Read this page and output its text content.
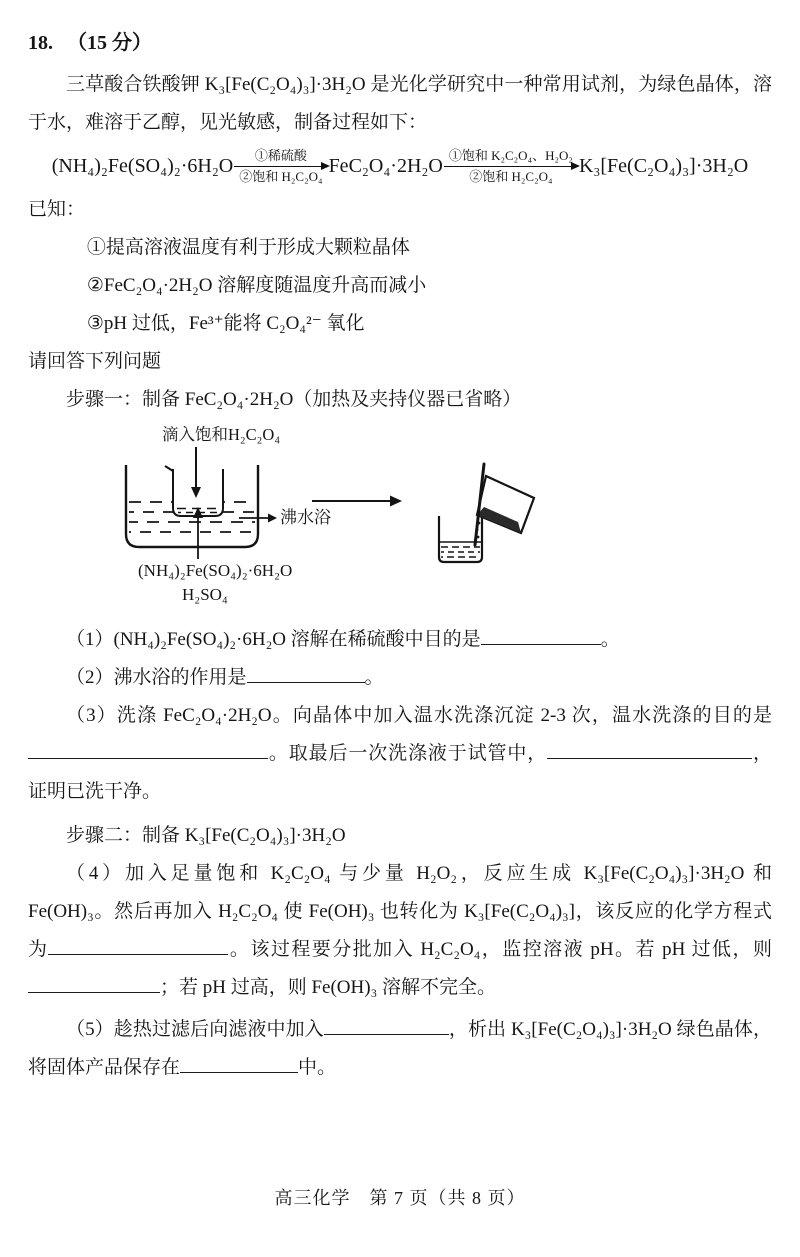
18. （15 分）

三草酸合铁酸钾 K₃[Fe(C₂O₄)₃]·3H₂O 是光化学研究中一种常用试剂，为绿色晶体，溶于水，难溶于乙醇，见光敏感，制备过程如下：

(NH₄)₂Fe(SO₄)₂·6H₂O	①稀硫酸
②饱和 H₂C₂O₄ FeC₂O₄·2H₂O ①饱和 K₂C₂O₄、H₂O₂
②饱和 H₂C₂O₄ K₃[Fe(C₂O₄)₃]·3H₂O

已知：

①提高溶液温度有利于形成大颗粒晶体

②FeC₂O₄·2H₂O 溶解度随温度升高而减小

③pH 过低，Fe³⁺能将 C₂O₄²⁻ 氧化

请回答下列问题

步骤一：制备 FeC₂O₄·2H₂O（加热及夹持仪器已省略）

滴入饱和H₂C₂O₄
沸水浴
(NH₄)₂Fe(SO₄)₂·6H₂O
H₂SO₄

（1）(NH₄)₂Fe(SO₄)₂·6H₂O 溶解在稀硫酸中目的是	。

（2）沸水浴的作用是	。

（3）洗涤 FeC₂O₄·2H₂O。向晶体中加入温水洗涤沉淀 2-3 次，温水洗涤的目的是。取最后一次洗涤液于试管中，	，证明已洗干净。

步骤二：制备 K₃[Fe(C₂O₄)₃]·3H₂O

（4）加入足量饱和 K₂C₂O₄ 与少量 H₂O₂，反应生成 K₃[Fe(C₂O₄)₃]·3H₂O 和 Fe(OH)₃。然后再加入 H₂C₂O₄ 使 Fe(OH)₃ 也转化为 K₃[Fe(C₂O₄)₃]，该反应的化学方程式为	。该过程要分批加入 H₂C₂O₄，监控溶液 pH。若 pH 过低，则；若 pH 过高，则 Fe(OH)₃ 溶解不完全。

（5）趁热过滤后向滤液中加入	，析出 K₃[Fe(C₂O₄)₃]·3H₂O 绿色晶体，将固体产品保存在	中。

高三化学　第 7 页（共 8 页）
